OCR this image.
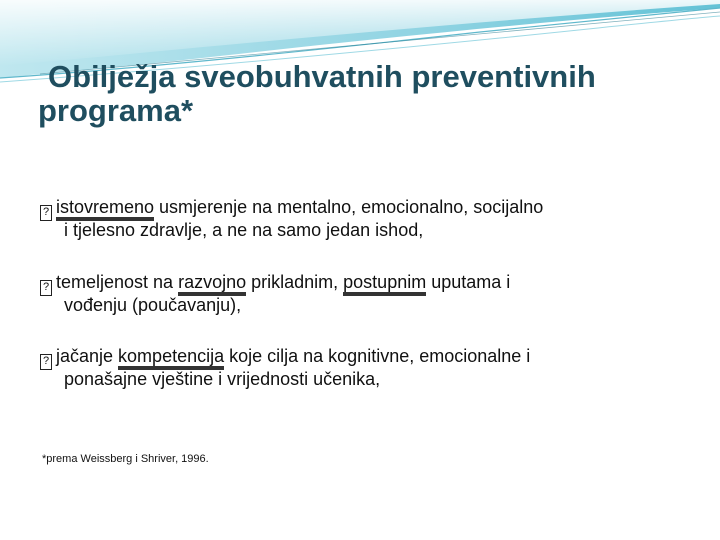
Obilježja sveobuhvatnih preventivnih
programa*
? istovremeno usmjerenje na mentalno, emocionalno, socijalno
i tjelesno zdravlje, a ne na samo jedan ishod,
? temeljenost na razvojno prikladnim, postupnim uputama i
vođenju (poučavanju),
? jačanje kompetencija koje cilja na kognitivne, emocionalne i
ponašajne vještine i vrijednosti učenika,
*prema Weissberg i Shriver, 1996.
